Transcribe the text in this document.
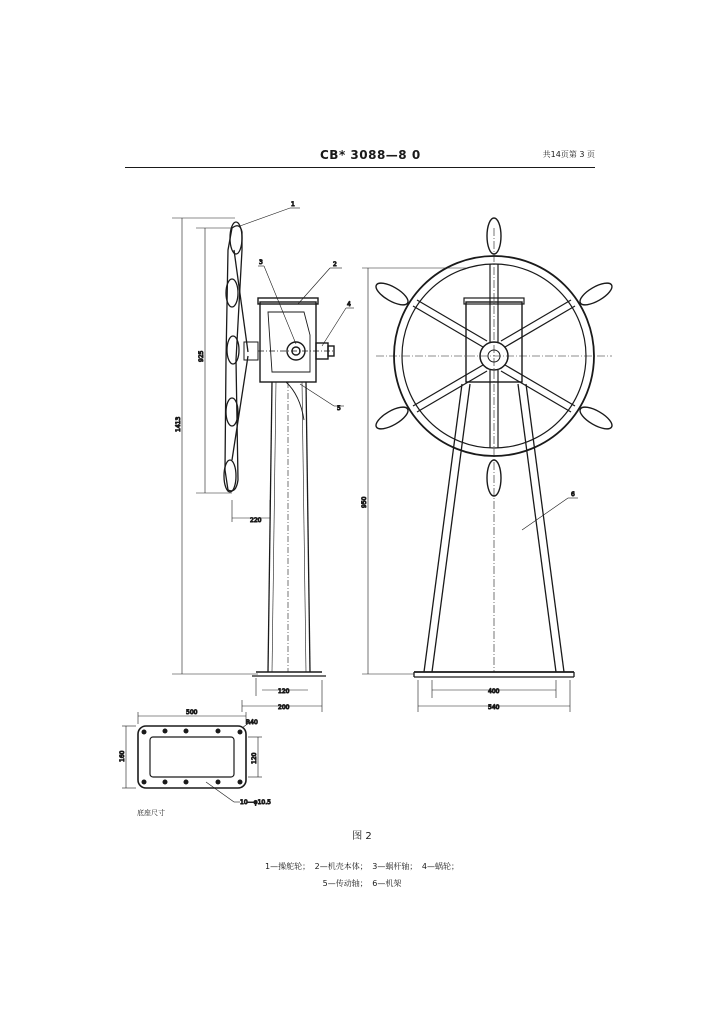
CB* 3088—8 0	共14页第 3 页
1
2
3
4
5
1413
925
220
120
200
6
950
400
540
500
160	120
R40
10—φ10.5
底座尺寸
图 2
1—操舵轮； 2—机壳本体； 3—蜗杆轴； 4—蜗轮；
5—传动轴； 6—机架
